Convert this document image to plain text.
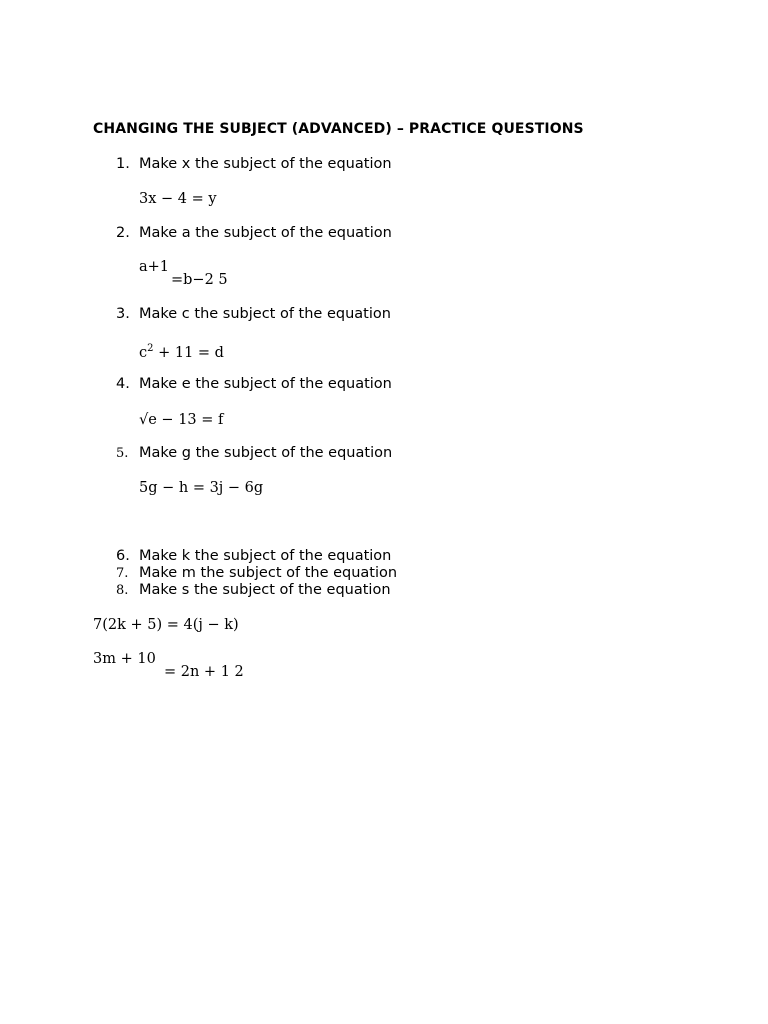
CHANGING THE SUBJECT (ADVANCED) – PRACTICE QUESTIONS
1. Make x the subject of the equation
3x − 4 = y
2. Make a the subject of the equation
a+1
=b−2 5
3. Make c the subject of the equation
$c^2 + 11 = d$
4. Make e the subject of the equation
√e − 13 = f
5. Make g the subject of the equation
5g − h = 3j − 6g
6. Make k the subject of the equation
7. Make m the subject of the equation
8. Make s the subject of the equation
7(2k + 5) = 4(j − k)
3m + 10
= 2n + 1 2
